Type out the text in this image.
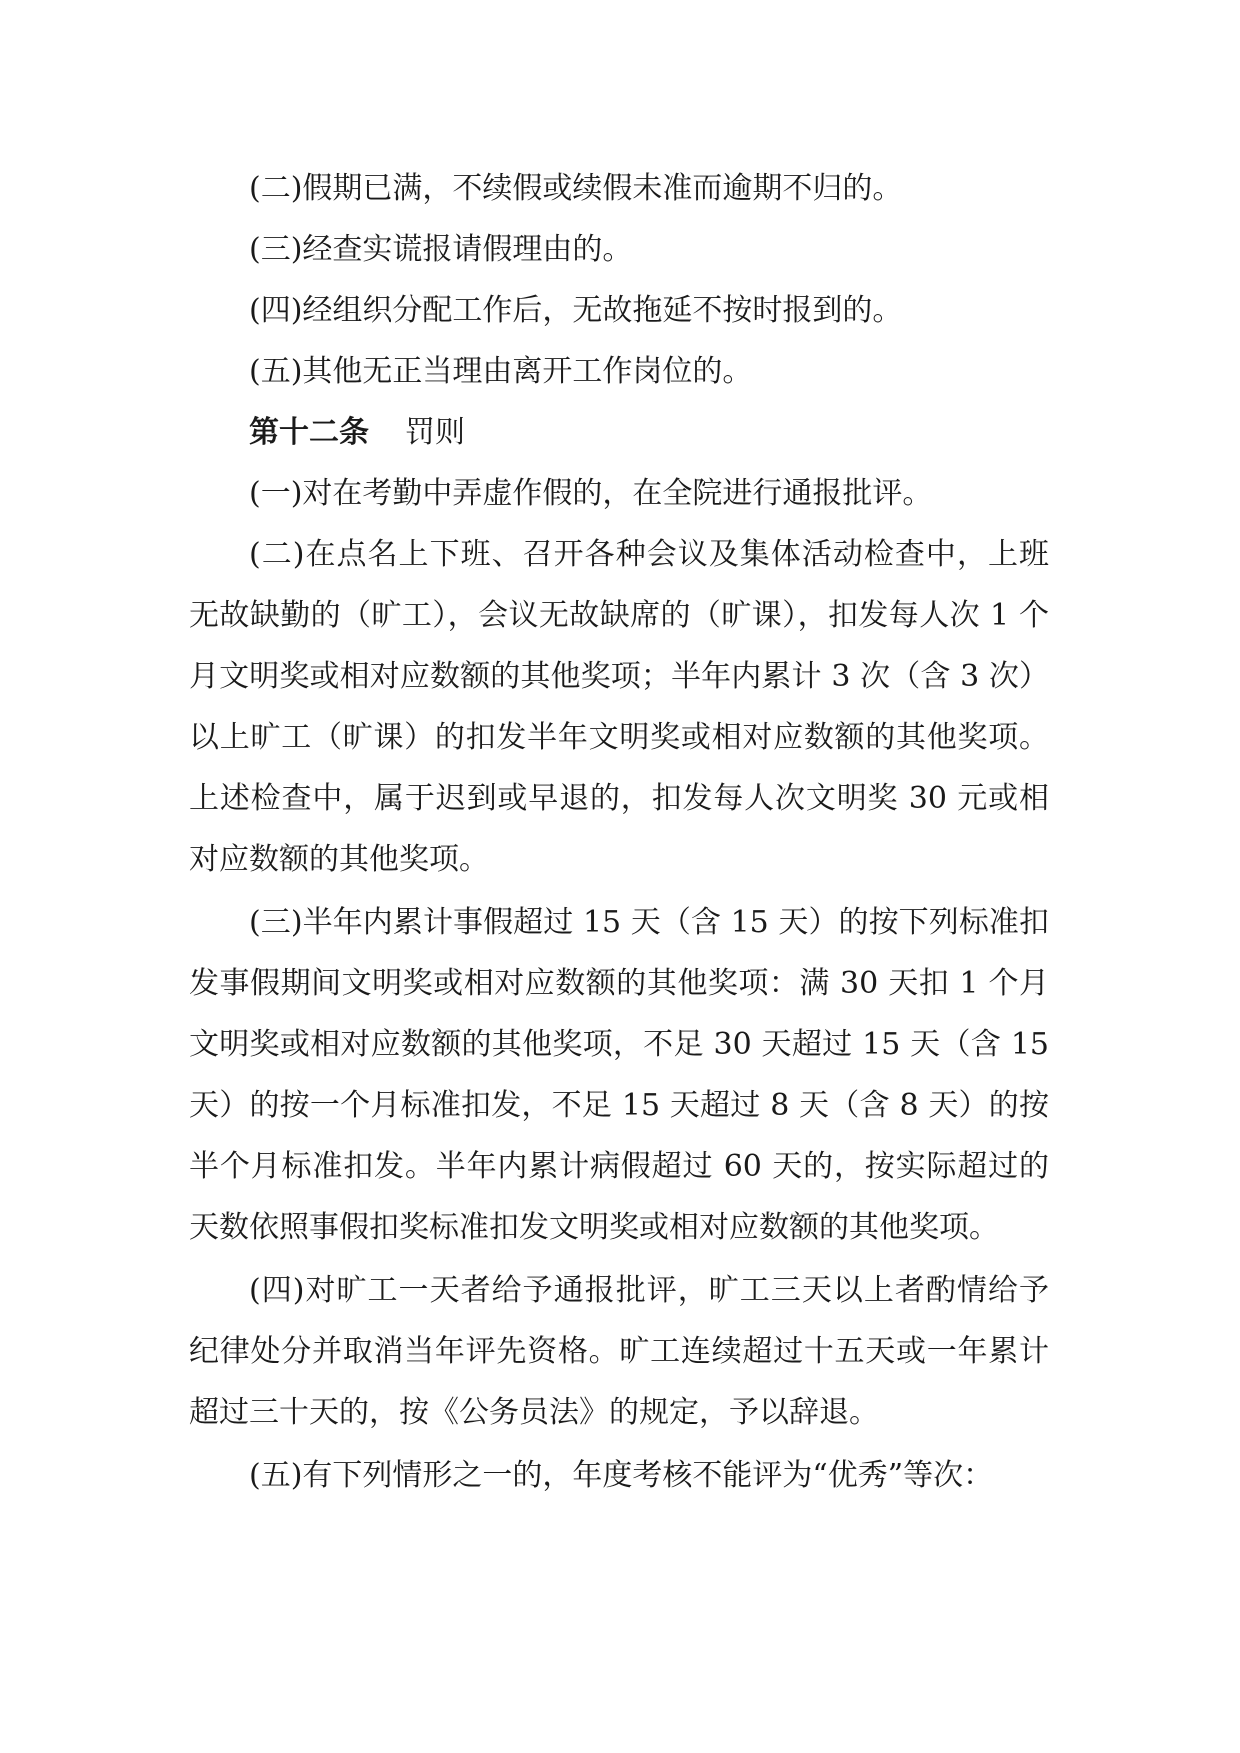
(二)假期已满，不续假或续假未准而逾期不归的。

(三)经查实谎报请假理由的。

(四)经组织分配工作后，无故拖延不按时报到的。

(五)其他无正当理由离开工作岗位的。

第十二条 罚则

(一)对在考勤中弄虚作假的，在全院进行通报批评。

(二)在点名上下班、召开各种会议及集体活动检查中，上班无故缺勤的（旷工），会议无故缺席的（旷课），扣发每人次 1 个月文明奖或相对应数额的其他奖项；半年内累计 3 次（含 3 次）以上旷工（旷课）的扣发半年文明奖或相对应数额的其他奖项。上述检查中，属于迟到或早退的，扣发每人次文明奖 30 元或相对应数额的其他奖项。

(三)半年内累计事假超过 15 天（含 15 天）的按下列标准扣发事假期间文明奖或相对应数额的其他奖项：满 30 天扣 1 个月文明奖或相对应数额的其他奖项，不足 30 天超过 15 天（含 15 天）的按一个月标准扣发，不足 15 天超过 8 天（含 8 天）的按半个月标准扣发。半年内累计病假超过 60 天的，按实际超过的天数依照事假扣奖标准扣发文明奖或相对应数额的其他奖项。

(四)对旷工一天者给予通报批评，旷工三天以上者酌情给予纪律处分并取消当年评先资格。旷工连续超过十五天或一年累计超过三十天的，按《公务员法》的规定，予以辞退。

(五)有下列情形之一的，年度考核不能评为“优秀”等次：
